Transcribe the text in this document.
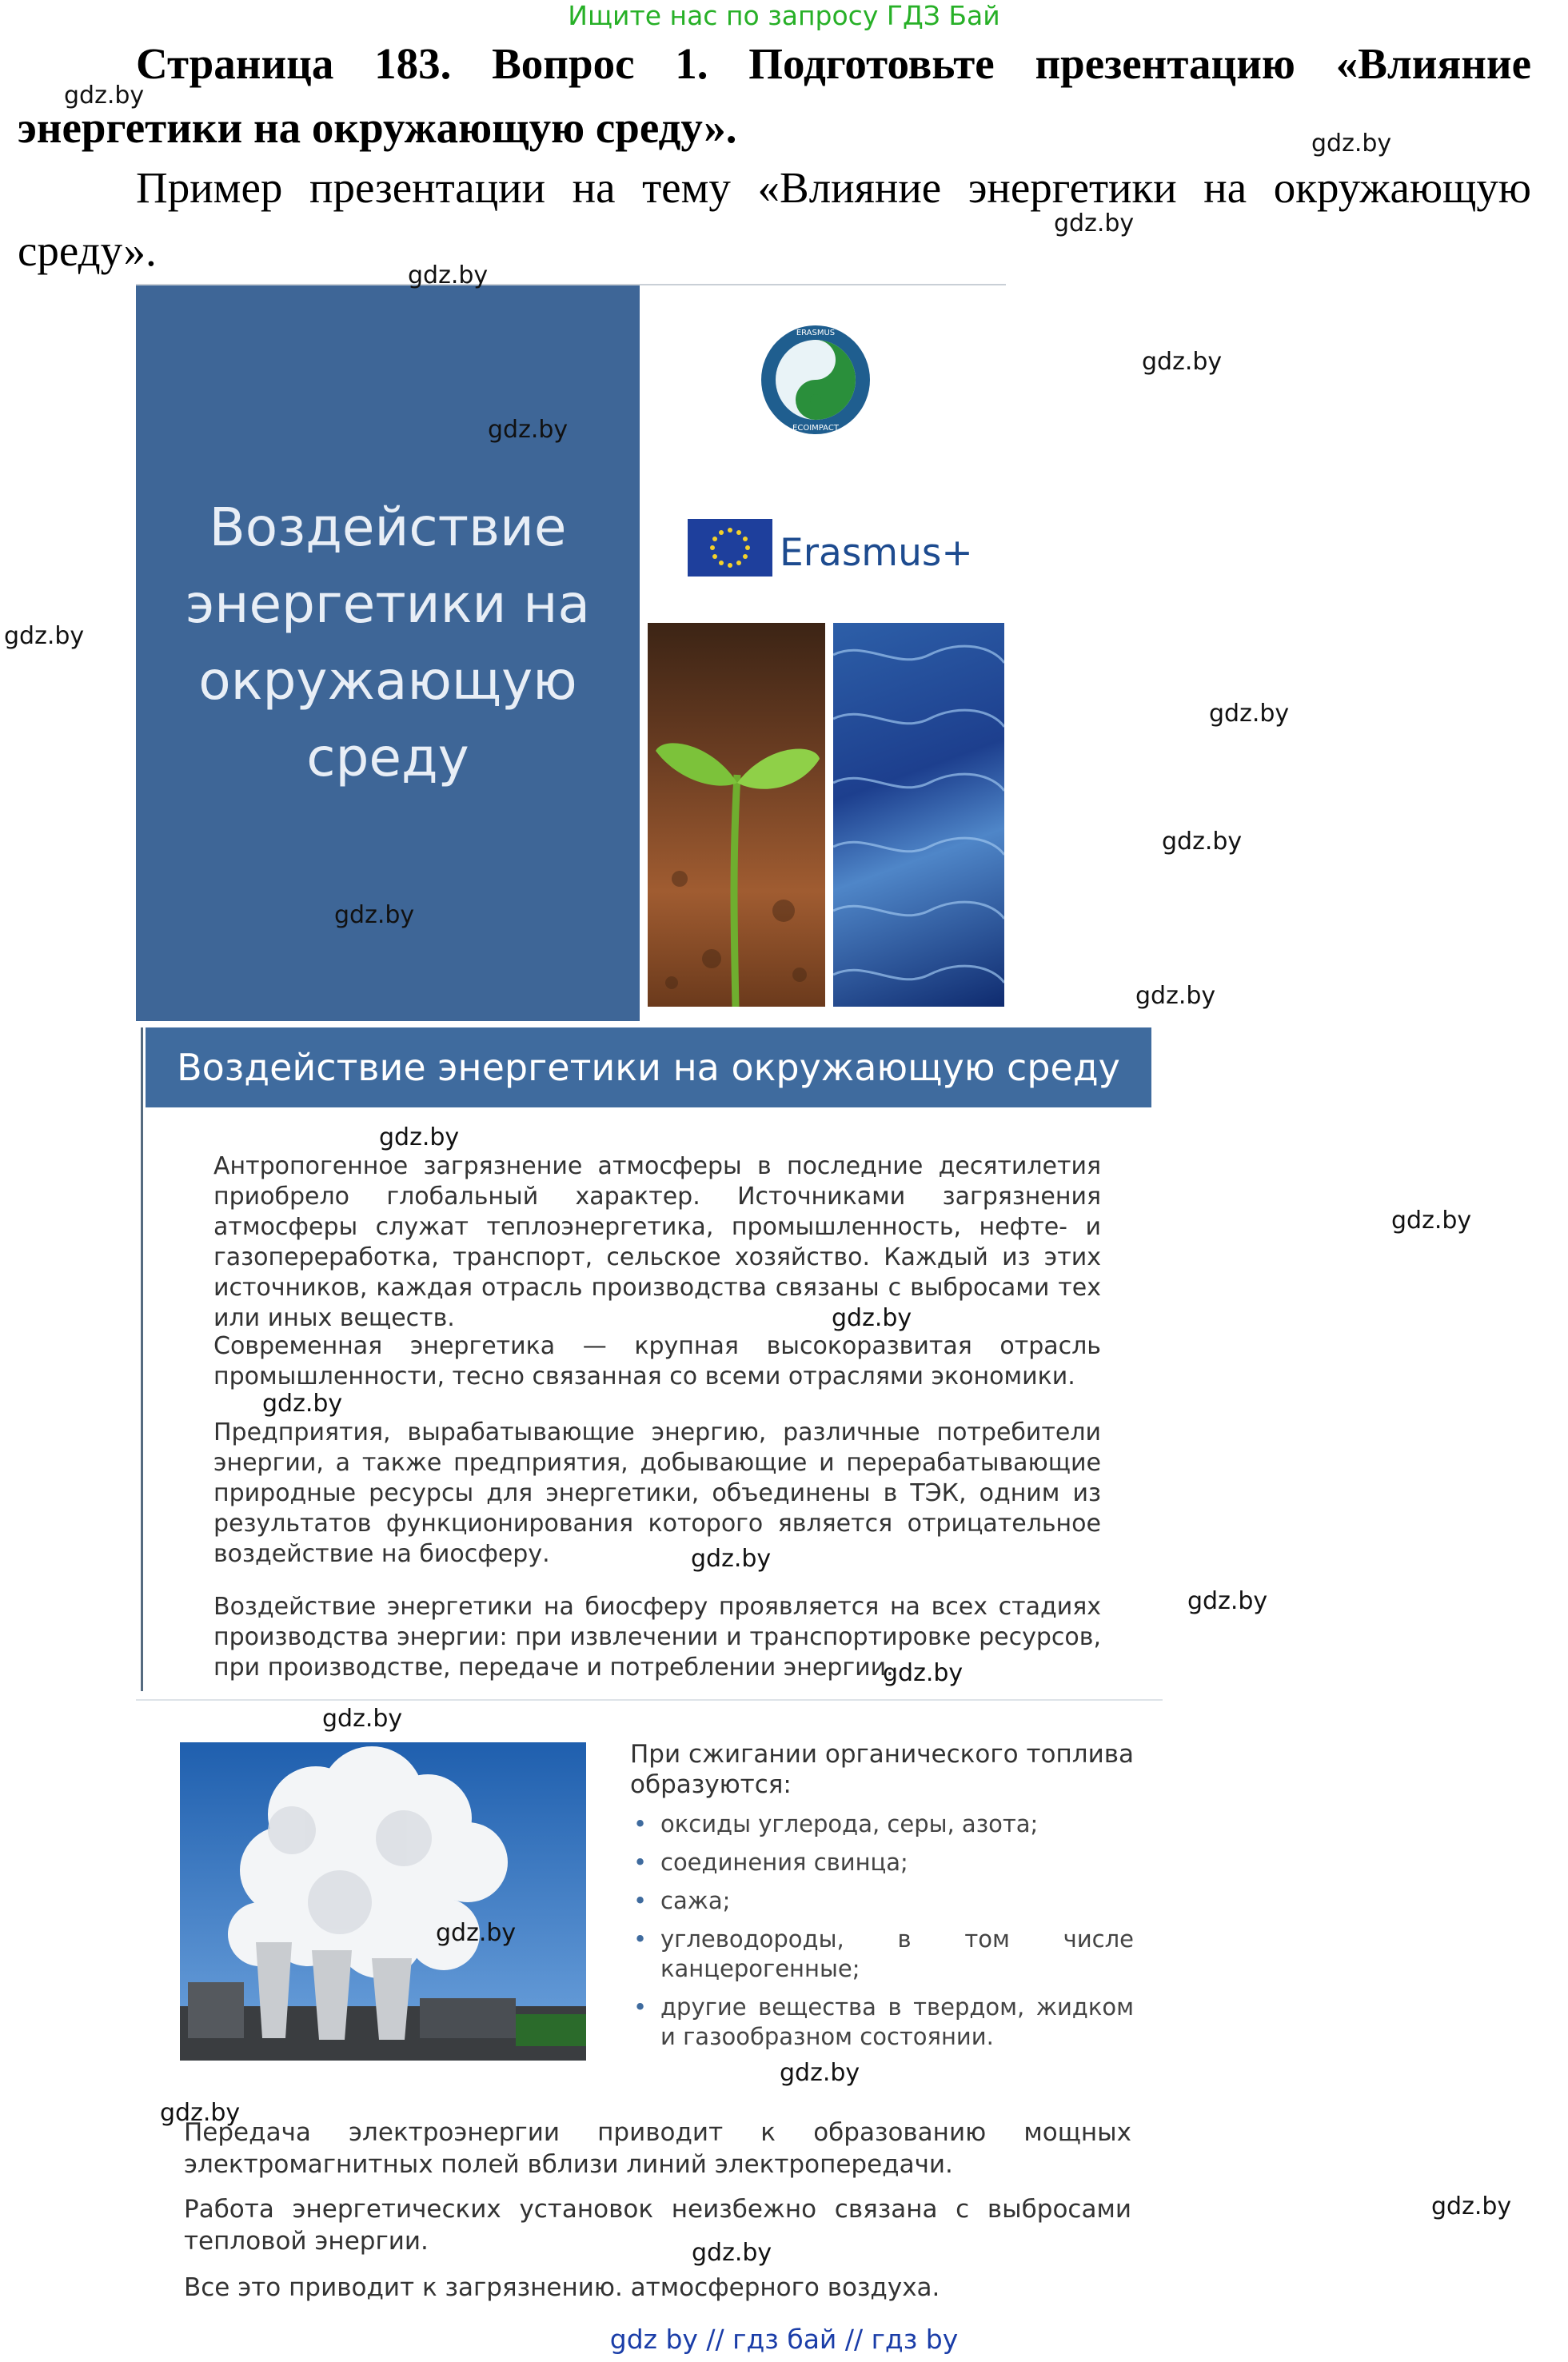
Ищите нас по запросу ГДЗ Бай
Страница 183. Вопрос 1. Подготовьте презентацию «Влияние
энергетики на окружающую среду».
Пример презентации на тему «Влияние энергетики на окружающую
среду».
Воздействие
энергетики на
окружающую
среду
ERASMUS
ECOIMPACT
Erasmus+
Воздействие энергетики на окружающую среду
Антропогенное загрязнение атмосферы в последние десятилетия приобрело глобальный характер. Источниками загрязнения атмосферы служат теплоэнергетика, промышленность, нефте- и газопереработка, транспорт, сельское хозяйство. Каждый из этих источников, каждая отрасль производства связаны с выбросами тех или иных веществ.
Современная энергетика — крупная высокоразвитая отрасль промышленности, тесно связанная со всеми отраслями экономики.
Предприятия, вырабатывающие энергию, различные потребители энергии, а также предприятия, добывающие и перерабатывающие природные ресурсы для энергетики, объединены в ТЭК, одним из результатов функционирования которого является отрицательное воздействие на биосферу.
Воздействие энергетики на биосферу проявляется на всех стадиях производства энергии: при извлечении и транспортировке ресурсов, при производстве, передаче и потреблении энергии.
При сжигании органического топлива образуются:
• оксиды углерода, серы, азота;
• соединения свинца;
• сажа;
• углеводороды, в том числе канцерогенные;
• другие вещества в твердом, жидком и газообразном состоянии.
Передача электроэнергии приводит к образованию мощных электромагнитных полей вблизи линий электропередачи.
Работа энергетических установок неизбежно связана с выбросами тепловой энергии.
Все это приводит к загрязнению. атмосферного воздуха.
gdz.by
gdz.by
gdz.by
gdz.by
gdz.by
gdz.by
gdz.by
gdz.by
gdz.by
gdz.by
gdz.by
gdz.by
gdz.by
gdz.by
gdz.by
gdz.by
gdz.by
gdz.by
gdz.by
gdz.by
gdz.by
gdz.by
gdz.by
gdz.by
gdz by // гдз бай // гдз by
